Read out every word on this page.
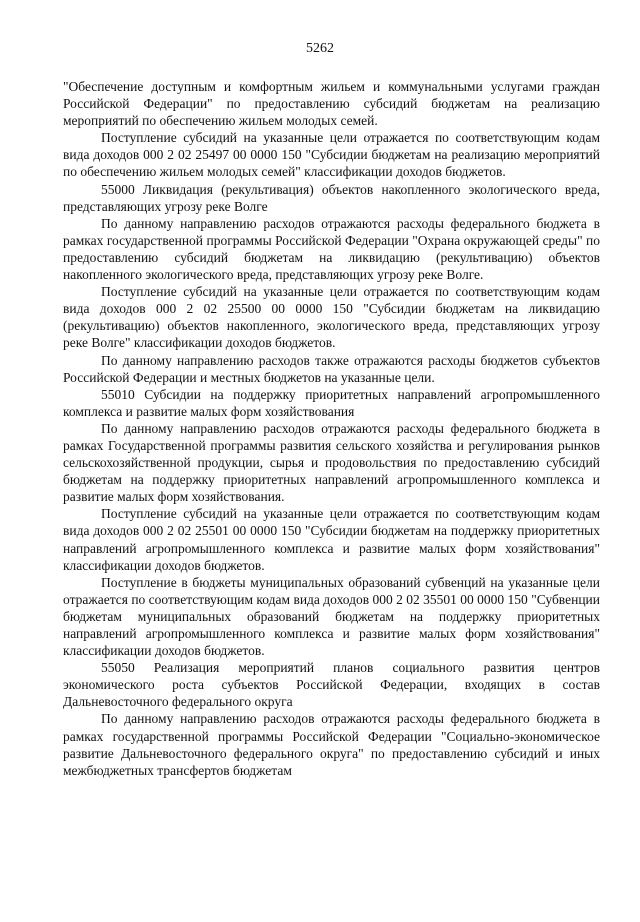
5262

"Обеспечение доступным и комфортным жильем и коммунальными услугами граждан Российской Федерации" по предоставлению субсидий бюджетам на реализацию мероприятий по обеспечению жильем молодых семей.

Поступление субсидий на указанные цели отражается по соответствующим кодам вида доходов 000 2 02 25497 00 0000 150 "Субсидии бюджетам на реализацию мероприятий по обеспечению жильем молодых семей" классификации доходов бюджетов.

55000 Ликвидация (рекультивация) объектов накопленного экологического вреда, представляющих угрозу реке Волге

По данному направлению расходов отражаются расходы федерального бюджета в рамках государственной программы Российской Федерации "Охрана окружающей среды" по предоставлению субсидий бюджетам на ликвидацию (рекультивацию) объектов накопленного экологического вреда, представляющих угрозу реке Волге.

Поступление субсидий на указанные цели отражается по соответствующим кодам вида доходов 000 2 02 25500 00 0000 150 "Субсидии бюджетам на ликвидацию (рекультивацию) объектов накопленного, экологического вреда, представляющих угрозу реке Волге" классификации доходов бюджетов.

По данному направлению расходов также отражаются расходы бюджетов субъектов Российской Федерации и местных бюджетов на указанные цели.

55010 Субсидии на поддержку приоритетных направлений агропромышленного комплекса и развитие малых форм хозяйствования

По данному направлению расходов отражаются расходы федерального бюджета в рамках Государственной программы развития сельского хозяйства и регулирования рынков сельскохозяйственной продукции, сырья и продовольствия по предоставлению субсидий бюджетам на поддержку приоритетных направлений агропромышленного комплекса и развитие малых форм хозяйствования.

Поступление субсидий на указанные цели отражается по соответствующим кодам вида доходов 000 2 02 25501 00 0000 150 "Субсидии бюджетам на поддержку приоритетных направлений агропромышленного комплекса и развитие малых форм хозяйствования" классификации доходов бюджетов.

Поступление в бюджеты муниципальных образований субвенций на указанные цели отражается по соответствующим кодам вида доходов 000 2 02 35501 00 0000 150 "Субвенции бюджетам муниципальных образований бюджетам на поддержку приоритетных направлений агропромышленного комплекса и развитие малых форм хозяйствования" классификации доходов бюджетов.

55050 Реализация мероприятий планов социального развития центров экономического роста субъектов Российской Федерации, входящих в состав Дальневосточного федерального округа

По данному направлению расходов отражаются расходы федерального бюджета в рамках государственной программы Российской Федерации "Социально-экономическое развитие Дальневосточного федерального округа" по предоставлению субсидий и иных межбюджетных трансфертов бюджетам
